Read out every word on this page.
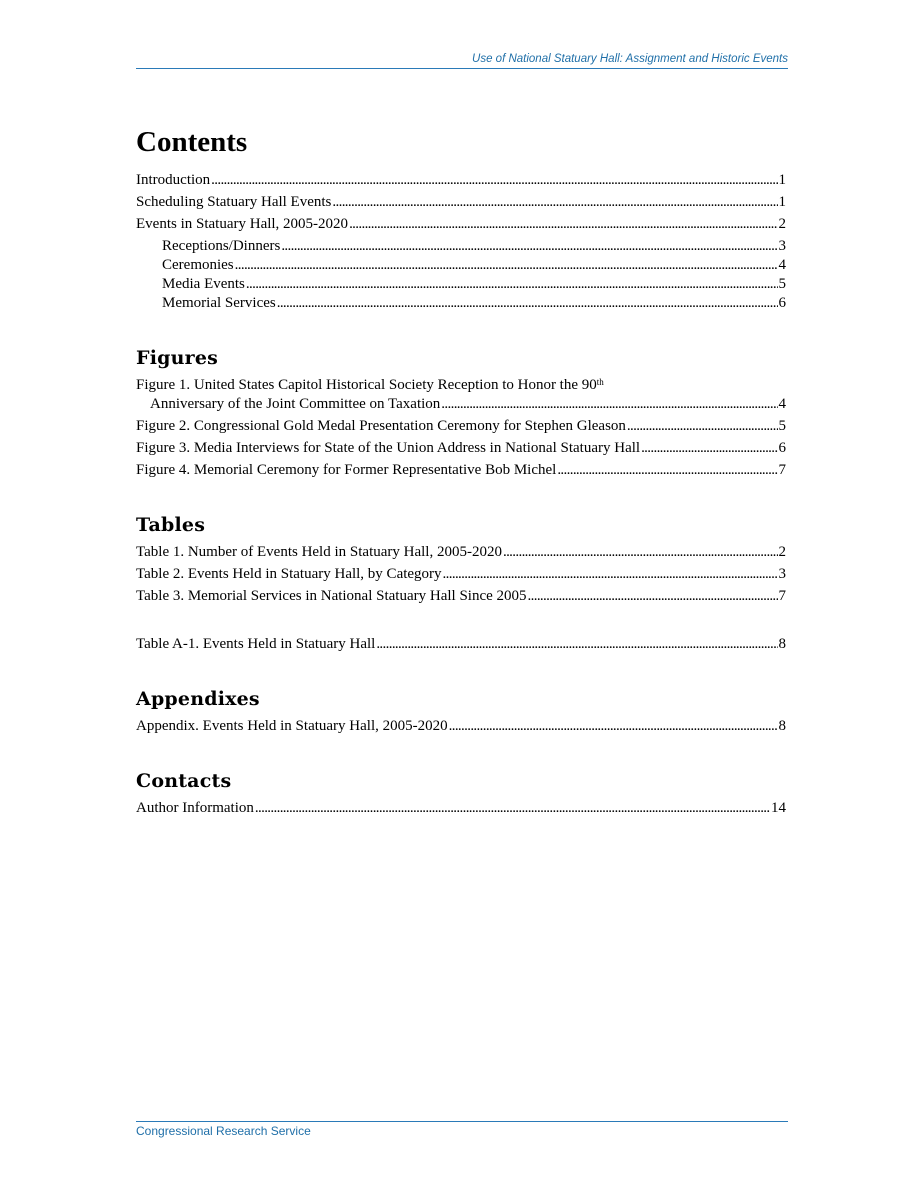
Use of National Statuary Hall: Assignment and Historic Events
Contents
Introduction . . .	1
Scheduling Statuary Hall Events . . .	1
Events in Statuary Hall, 2005-2020 . . .	2
Receptions/Dinners . . .	3
Ceremonies . . .	4
Media Events . . .	5
Memorial Services . . .	6
Figures
Figure 1. United States Capitol Historical Society Reception to Honor the 90th
Anniversary of the Joint Committee on Taxation . . .	4
Figure 2. Congressional Gold Medal Presentation Ceremony for Stephen Gleason . . .	5
Figure 3. Media Interviews for State of the Union Address in National Statuary Hall . . .	6
Figure 4. Memorial Ceremony for Former Representative Bob Michel . . .	7
Tables
Table 1. Number of Events Held in Statuary Hall, 2005-2020 . . .	2
Table 2. Events Held in Statuary Hall, by Category . . .	3
Table 3. Memorial Services in National Statuary Hall Since 2005 . . .	7
Table A-1. Events Held in Statuary Hall . . .	8
Appendixes
Appendix. Events Held in Statuary Hall, 2005-2020 . . .	8
Contacts
Author Information . . .	14
Congressional Research Service
